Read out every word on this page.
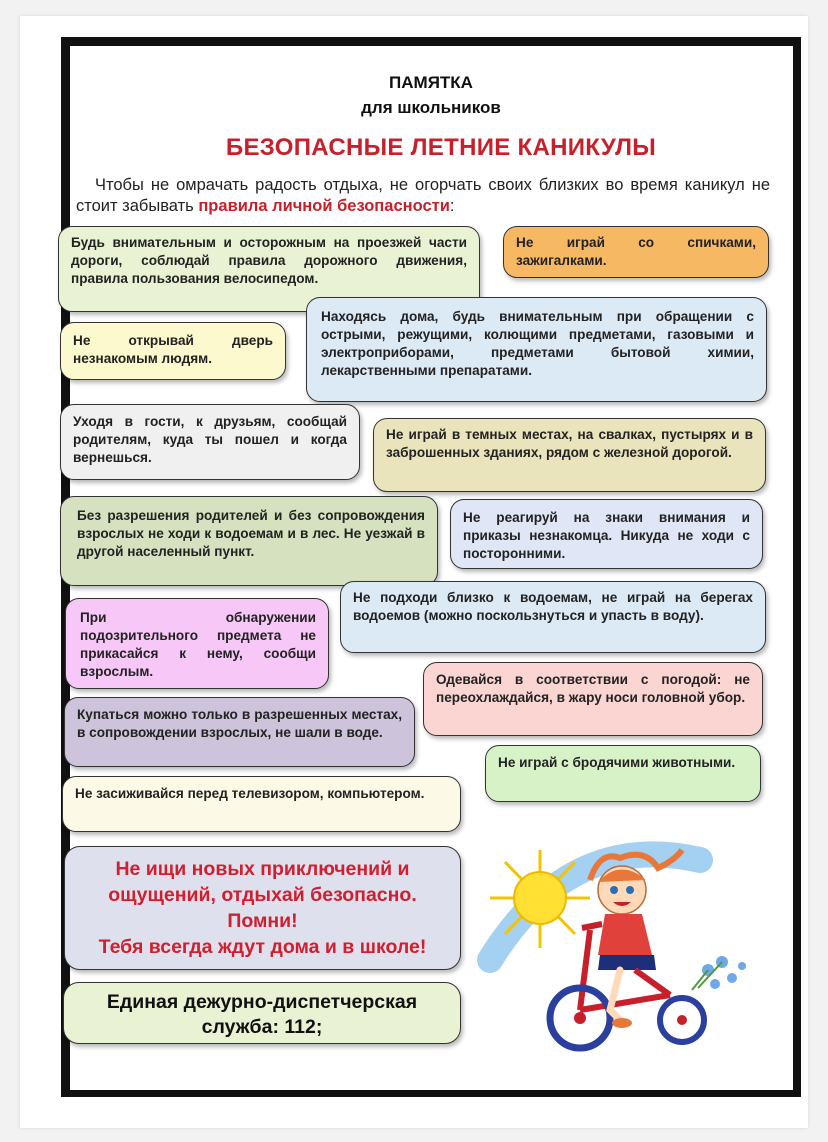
ПАМЯТКА
для школьников
БЕЗОПАСНЫЕ ЛЕТНИЕ КАНИКУЛЫ
Чтобы не омрачать радость отдыха, не огорчать своих близких во время каникул не стоит забывать правила личной безопасности:
Будь внимательным и осторожным на проезжей части дороги, соблюдай правила дорожного движения, правила пользования велосипедом.
Не играй со спичками, зажигалками.
Находясь дома, будь внимательным при обращении с острыми, режущими, колющими предметами, газовыми и электроприборами, предметами бытовой химии, лекарственными препаратами.
Не открывай дверь незнакомым людям.
Уходя в гости, к друзьям, сообщай родителям, куда ты пошел и когда вернешься.
Не играй в темных местах, на свалках, пустырях и в заброшенных зданиях, рядом с железной дорогой.
Без разрешения родителей и без сопровождения взрослых не ходи к водоемам и в лес. Не уезжай в другой населенный пункт.
Не реагируй на знаки внимания и приказы незнакомца. Никуда не ходи с посторонними.
Не подходи близко к водоемам, не играй на берегах водоемов (можно поскользнуться и упасть в воду).
При обнаружении подозрительного предмета не прикасайся к нему, сообщи взрослым.
Одевайся в соответствии с погодой: не переохлаждайся, в жару носи головной убор.
Купаться можно только в разрешенных местах, в сопровождении взрослых, не шали в воде.
Не играй с бродячими животными.
Не засиживайся перед телевизором, компьютером.
Не ищи новых приключений и
ощущений, отдыхай безопасно.
Помни!
Тебя всегда ждут дома и в школе!
Единая дежурно-диспетчерская
служба: 112;
